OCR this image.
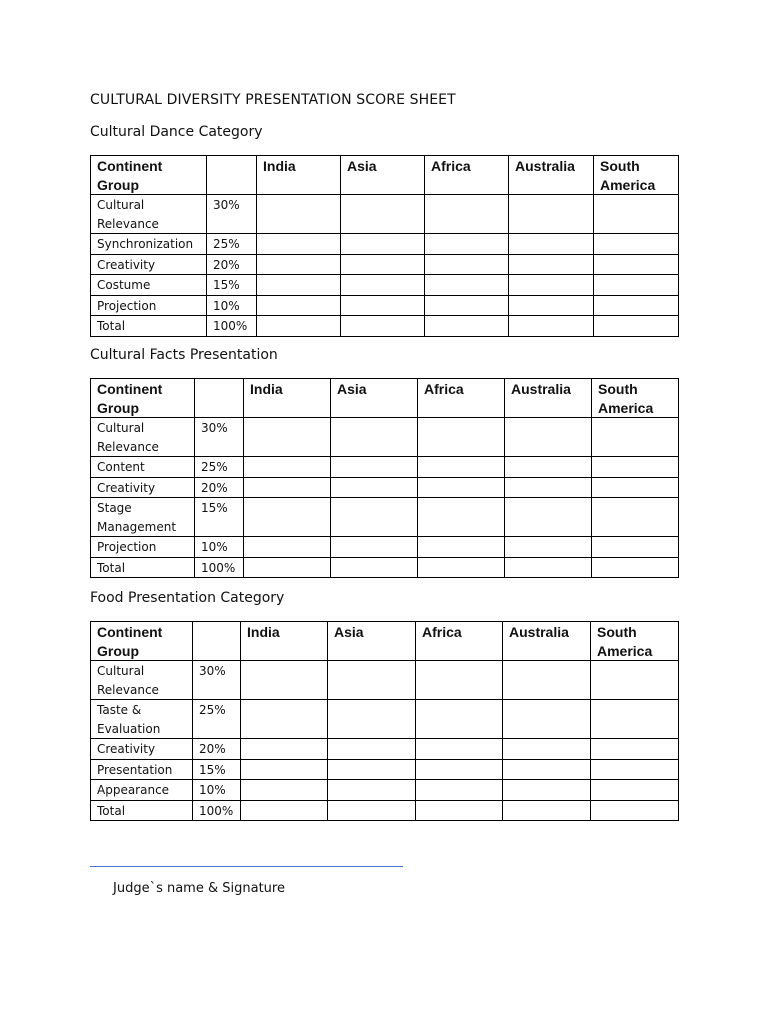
CULTURAL DIVERSITY PRESENTATION SCORE SHEET
Cultural Dance Category
Continent Group		India	Asia	Africa	Australia	South America
Cultural Relevance	30%					
Synchronization	25%					
Creativity	20%					
Costume	15%					
Projection	10%					
Total	100%					
Cultural Facts Presentation
Continent Group		India	Asia	Africa	Australia	South America
Cultural Relevance	30%					
Content	25%					
Creativity	20%					
Stage Management	15%					
Projection	10%					
Total	100%					
Food Presentation Category
Continent Group		India	Asia	Africa	Australia	South America
Cultural Relevance	30%					
Taste & Evaluation	25%					
Creativity	20%					
Presentation	15%					
Appearance	10%					
Total	100%					
Judge`s name & Signature
